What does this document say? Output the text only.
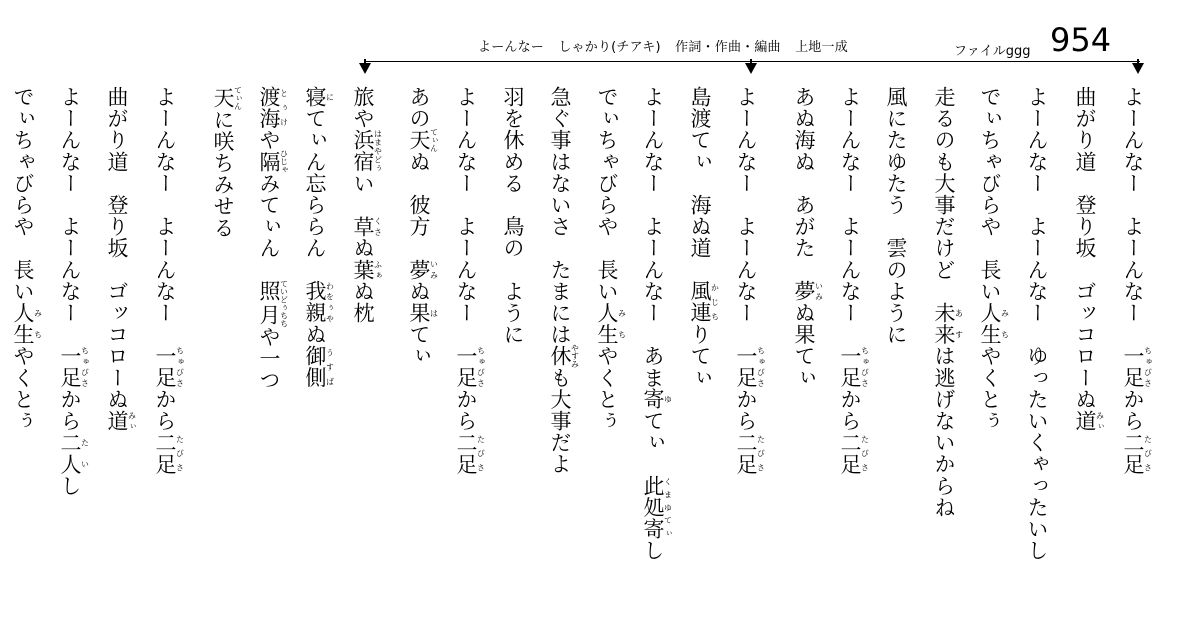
よーんなー しゃかり(チアキ) 作詞・作曲・編曲 上地一成	ファイルggg 954
よーんなー　よーんなー　一足ちゅびさから二足たびさ
曲がり道　登り坂　ゴッコローぬ道みぃ
よーんなー　よーんなー　ゆったいくゃったいし
でぃちゃびらや　長い人生みちやくとぅ
走るのも大事だけど　未来あすは逃げないからね
風にたゆたう　雲のように
よーんなー　よーんなー　一足ちゅびさから二足たびさ
あぬ海ぬ　あがた　夢いみぬ果てぃ
よーんなー　よーんなー　一足ちゅびさから二足たびさ
島渡てぃ　海ぬ道　風連かじちりてぃ
よーんなー　よーんなー　あま寄ゆてぃ　此処寄くまゆてぃし
でぃちゃびらや　長い人生みちやくとぅ
急ぐ事はないさ　たまには休やすみも大事だよ
羽を休める　鳥の　ように
よーんなー　よーんなー　一足ちゅびさから二足たびさ
あの天てぃんぬ　彼方　夢いみぬ果はてぃ
旅や浜宿はまやどぅい　草くさぬ葉ふぁぬ枕
寝にてぃん忘ららん　我親わをぅやぬ御側うすば
渡海とぅけや隔ひじゃみてぃん　照月ていどぅちちや一つ
天てぃんに咲ちみせる
よーんなー　よーんなー　一足ちゅびさから二足たびさ
曲がり道　登り坂　ゴッコローぬ道みぃ
よーんなー　よーんなー　一足ちゅびさから二人たいし
でぃちゃびらや　長い人生みちやくとぅ
